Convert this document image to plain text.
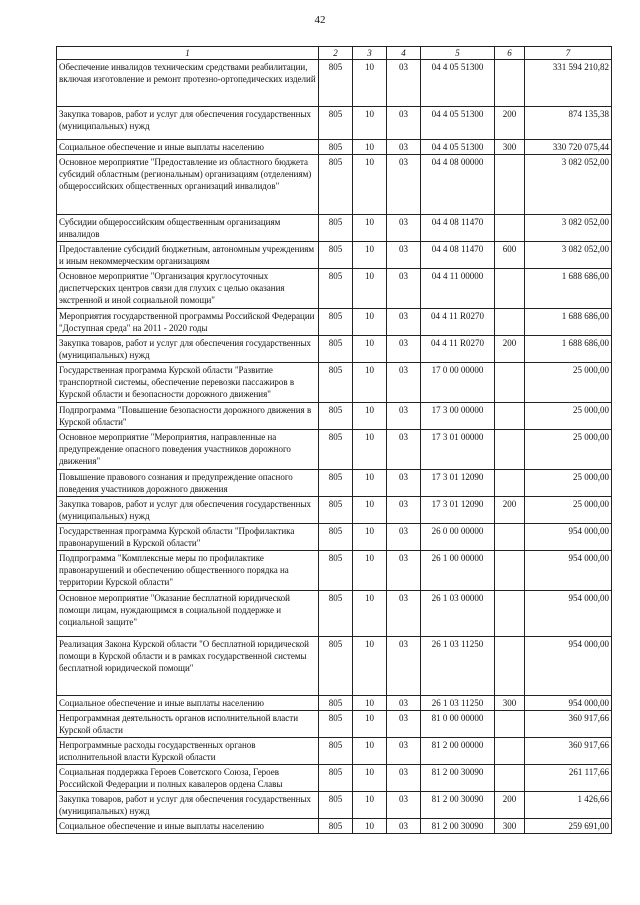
42
1	2	3	4	5	6	7
Обеспечение инвалидов техническим средствами реабилитации, включая изготовление и ремонт протезно-ортопедических изделий	805	10	03	04 4 05 51300		331 594 210,82
Закупка товаров, работ и услуг для обеспечения государственных (муниципальных) нужд	805	10	03	04 4 05 51300	200	874 135,38
Социальное обеспечение и иные выплаты населению	805	10	03	04 4 05 51300	300	330 720 075,44
Основное мероприятие "Предоставление из областного бюджета субсидий областным (региональным) организациям (отделениям) общероссийских общественных организаций инвалидов"	805	10	03	04 4 08 00000		3 082 052,00
Субсидии общероссийским общественным организациям инвалидов	805	10	03	04 4 08 11470		3 082 052,00
Предоставление субсидий бюджетным, автономным учреждениям и иным некоммерческим организациям	805	10	03	04 4 08 11470	600	3 082 052,00
Основное мероприятие "Организация круглосуточных диспетчерских центров связи для глухих с целью оказания экстренной и иной социальной помощи"	805	10	03	04 4 11 00000		1 688 686,00
Мероприятия государственной программы Российской Федерации "Доступная среда" на 2011 - 2020 годы	805	10	03	04 4 11 R0270		1 688 686,00
Закупка товаров, работ и услуг для обеспечения государственных (муниципальных) нужд	805	10	03	04 4 11 R0270	200	1 688 686,00
Государственная программа Курской области "Развитие транспортной системы, обеспечение перевозки пассажиров в Курской области и безопасности дорожного движения"	805	10	03	17 0 00 00000		25 000,00
Подпрограмма "Повышение безопасности дорожного движения в Курской области"	805	10	03	17 3 00 00000		25 000,00
Основное мероприятие "Мероприятия, направленные на предупреждение опасного поведения участников дорожного движения"	805	10	03	17 3 01 00000		25 000,00
Повышение правового сознания и предупреждение опасного поведения участников дорожного движения	805	10	03	17 3 01 12090		25 000,00
Закупка товаров, работ и услуг для обеспечения государственных (муниципальных) нужд	805	10	03	17 3 01 12090	200	25 000,00
Государственная программа Курской области "Профилактика правонарушений в Курской области"	805	10	03	26 0 00 00000		954 000,00
Подпрограмма "Комплексные меры по профилактике правонарушений и обеспечению общественного порядка на территории Курской области"	805	10	03	26 1 00 00000		954 000,00
Основное мероприятие "Оказание бесплатной юридической помощи лицам, нуждающимся в социальной поддержке и социальной защите"	805	10	03	26 1 03 00000		954 000,00
Реализация Закона Курской области "О бесплатной юридической помощи в Курской области и в рамках государственной системы бесплатной юридической помощи"	805	10	03	26 1 03 11250		954 000,00
Социальное обеспечение и иные выплаты населению	805	10	03	26 1 03 11250	300	954 000,00
Непрограммная деятельность органов исполнительной власти Курской области	805	10	03	81 0 00 00000		360 917,66
Непрограммные расходы государственных органов исполнительной власти Курской области	805	10	03	81 2 00 00000		360 917,66
Социальная поддержка Героев Советского Союза, Героев Российской Федерации и полных кавалеров ордена Славы	805	10	03	81 2 00 30090		261 117,66
Закупка товаров, работ и услуг для обеспечения государственных (муниципальных) нужд	805	10	03	81 2 00 30090	200	1 426,66
Социальное обеспечение и иные выплаты населению	805	10	03	81 2 00 30090	300	259 691,00
